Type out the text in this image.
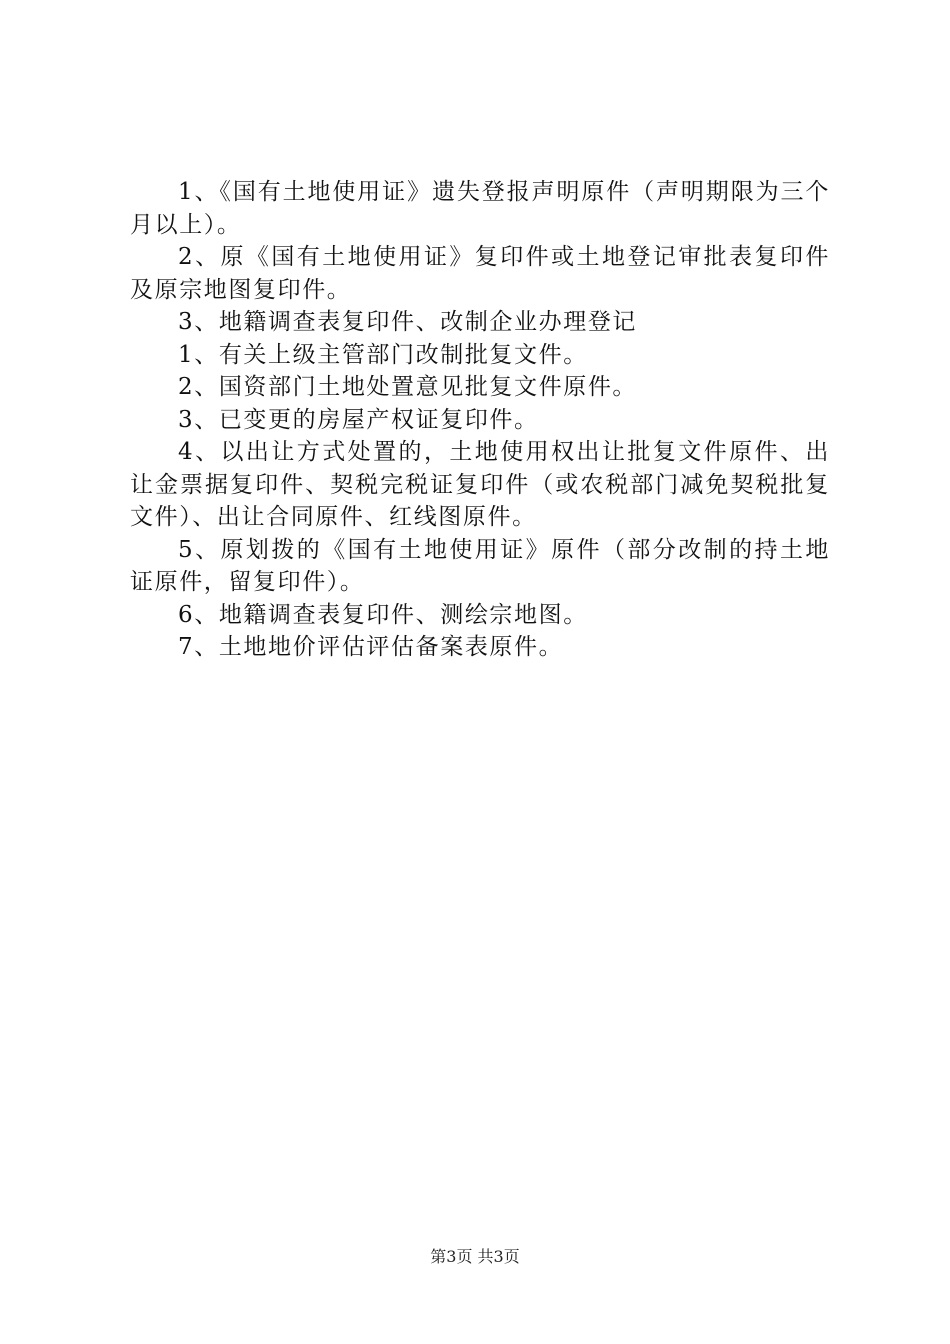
1、《国有土地使用证》遗失登报声明原件（声明期限为三个月以上）。

2、原《国有土地使用证》复印件或土地登记审批表复印件及原宗地图复印件。

3、地籍调查表复印件、改制企业办理登记

1、有关上级主管部门改制批复文件。

2、国资部门土地处置意见批复文件原件。

3、已变更的房屋产权证复印件。

4、以出让方式处置的，土地使用权出让批复文件原件、出让金票据复印件、契税完税证复印件（或农税部门减免契税批复文件）、出让合同原件、红线图原件。

5、原划拨的《国有土地使用证》原件（部分改制的持土地证原件，留复印件）。

6、地籍调查表复印件、测绘宗地图。

7、土地地价评估评估备案表原件。

第3页 共3页
